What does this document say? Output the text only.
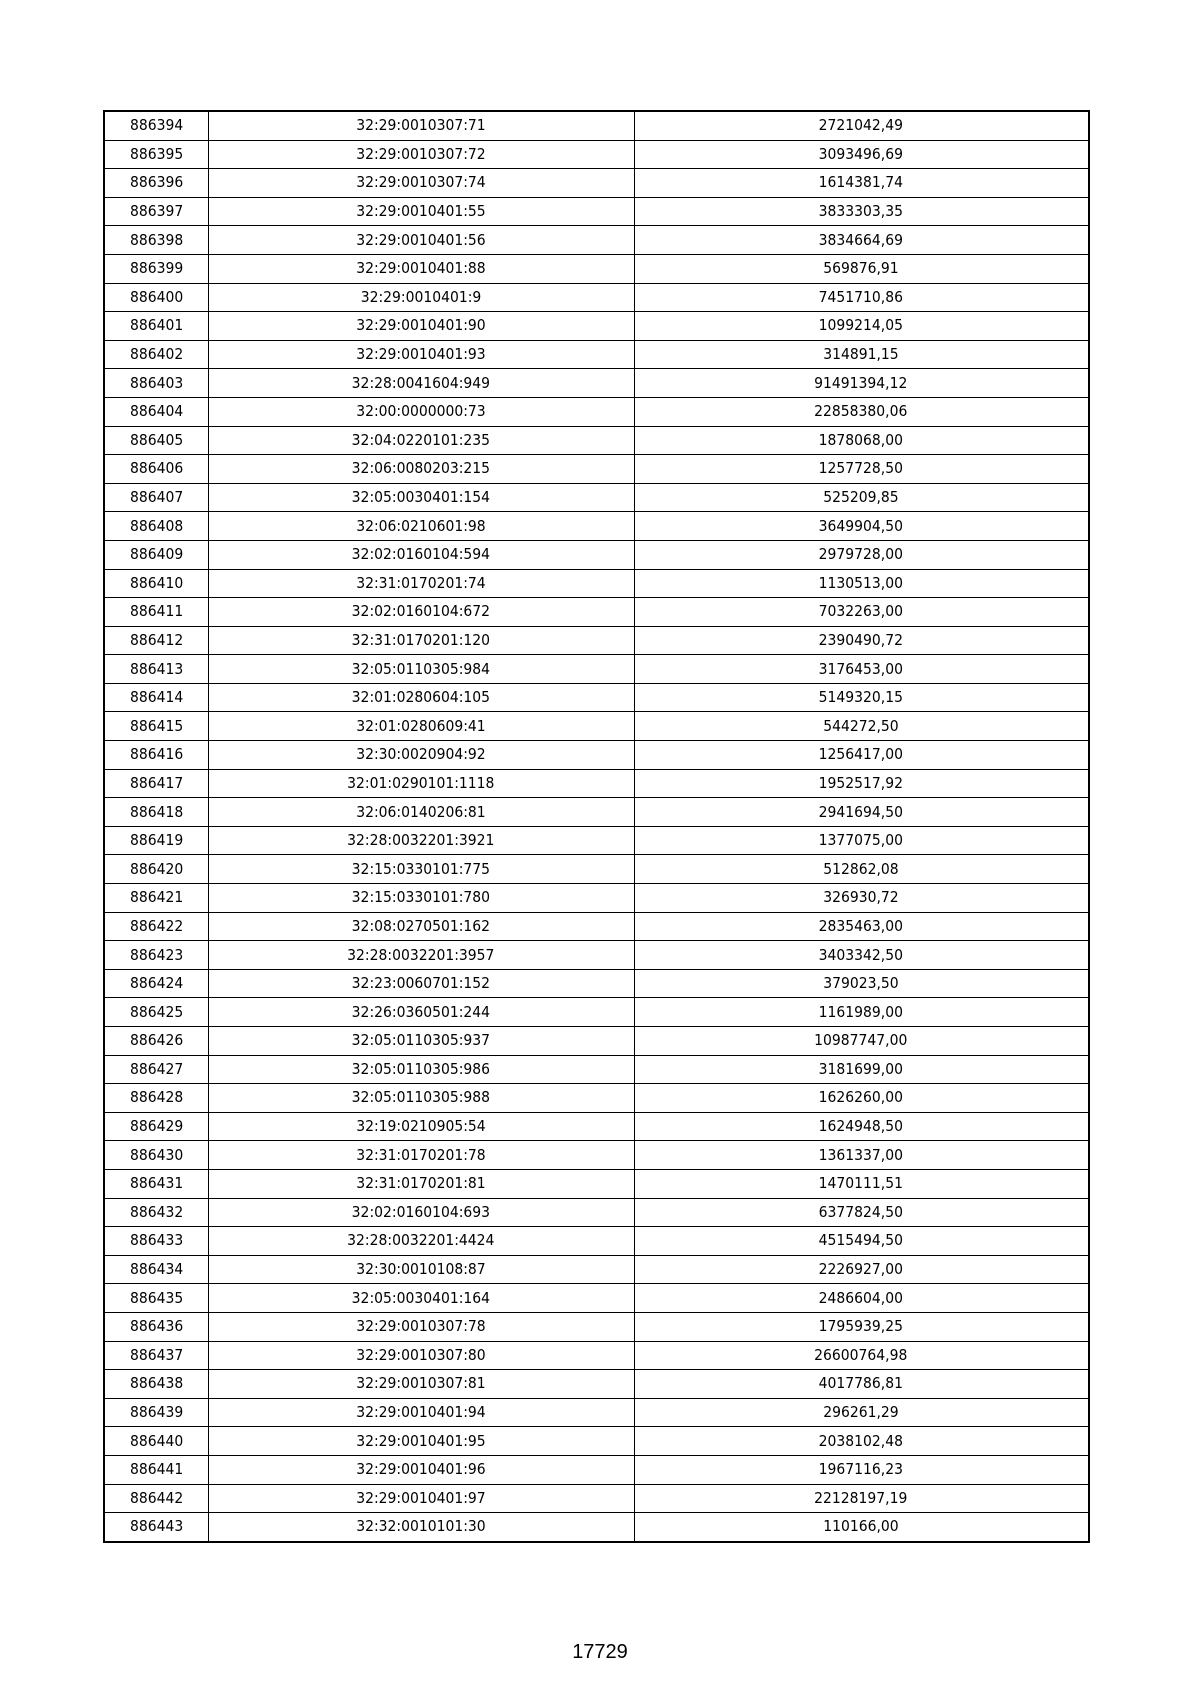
886394	32:29:0010307:71	2721042,49
886395	32:29:0010307:72	3093496,69
886396	32:29:0010307:74	1614381,74
886397	32:29:0010401:55	3833303,35
886398	32:29:0010401:56	3834664,69
886399	32:29:0010401:88	569876,91
886400	32:29:0010401:9	7451710,86
886401	32:29:0010401:90	1099214,05
886402	32:29:0010401:93	314891,15
886403	32:28:0041604:949	91491394,12
886404	32:00:0000000:73	22858380,06
886405	32:04:0220101:235	1878068,00
886406	32:06:0080203:215	1257728,50
886407	32:05:0030401:154	525209,85
886408	32:06:0210601:98	3649904,50
886409	32:02:0160104:594	2979728,00
886410	32:31:0170201:74	1130513,00
886411	32:02:0160104:672	7032263,00
886412	32:31:0170201:120	2390490,72
886413	32:05:0110305:984	3176453,00
886414	32:01:0280604:105	5149320,15
886415	32:01:0280609:41	544272,50
886416	32:30:0020904:92	1256417,00
886417	32:01:0290101:1118	1952517,92
886418	32:06:0140206:81	2941694,50
886419	32:28:0032201:3921	1377075,00
886420	32:15:0330101:775	512862,08
886421	32:15:0330101:780	326930,72
886422	32:08:0270501:162	2835463,00
886423	32:28:0032201:3957	3403342,50
886424	32:23:0060701:152	379023,50
886425	32:26:0360501:244	1161989,00
886426	32:05:0110305:937	10987747,00
886427	32:05:0110305:986	3181699,00
886428	32:05:0110305:988	1626260,00
886429	32:19:0210905:54	1624948,50
886430	32:31:0170201:78	1361337,00
886431	32:31:0170201:81	1470111,51
886432	32:02:0160104:693	6377824,50
886433	32:28:0032201:4424	4515494,50
886434	32:30:0010108:87	2226927,00
886435	32:05:0030401:164	2486604,00
886436	32:29:0010307:78	1795939,25
886437	32:29:0010307:80	26600764,98
886438	32:29:0010307:81	4017786,81
886439	32:29:0010401:94	296261,29
886440	32:29:0010401:95	2038102,48
886441	32:29:0010401:96	1967116,23
886442	32:29:0010401:97	22128197,19
886443	32:32:0010101:30	110166,00
17729
